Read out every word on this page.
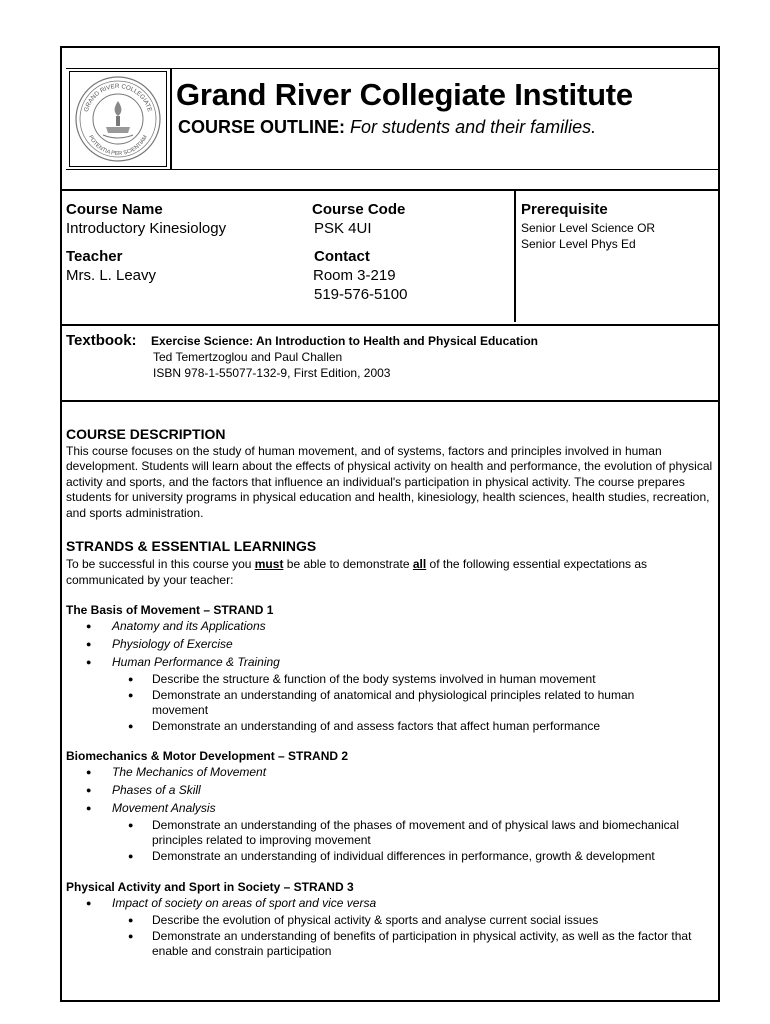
GRAND RIVER COLLEGIATE
POTENTIA PER SCIENTIAM
Grand River Collegiate Institute
COURSE OUTLINE: For students and their families.
Course Name
Introductory Kinesiology
Course Code
PSK 4UI
Prerequisite
Senior Level Science OR
Senior Level Phys Ed
Teacher
Mrs. L. Leavy
Contact
Room 3-219
519-576-5100
Textbook: Exercise Science: An Introduction to Health and Physical Education
Ted Temertzoglou and Paul Challen
ISBN 978-1-55077-132-9, First Edition, 2003
COURSE DESCRIPTION
This course focuses on the study of human movement, and of systems, factors and principles involved in human development. Students will learn about the effects of physical activity on health and performance, the evolution of physical activity and sports, and the factors that influence an individual's participation in physical activity. The course prepares students for university programs in physical education and health, kinesiology, health sciences, health studies, recreation, and sports administration.
STRANDS & ESSENTIAL LEARNINGS
To be successful in this course you must be able to demonstrate all of the following essential expectations as
communicated by your teacher:
The Basis of Movement – STRAND 1
Anatomy and its Applications
Physiology of Exercise
Human Performance & Training
● Describe the structure & function of the body systems involved in human movement
● Demonstrate an understanding of anatomical and physiological principles related to human movement
● Demonstrate an understanding of and assess factors that affect human performance
Biomechanics & Motor Development – STRAND 2
The Mechanics of Movement
Phases of a Skill
Movement Analysis
● Demonstrate an understanding of the phases of movement and of physical laws and biomechanical principles related to improving movement
● Demonstrate an understanding of individual differences in performance, growth & development
Physical Activity and Sport in Society – STRAND 3
Impact of society on areas of sport and vice versa
● Describe the evolution of physical activity & sports and analyse current social issues
● Demonstrate an understanding of benefits of participation in physical activity, as well as the factor that enable and constrain participation
